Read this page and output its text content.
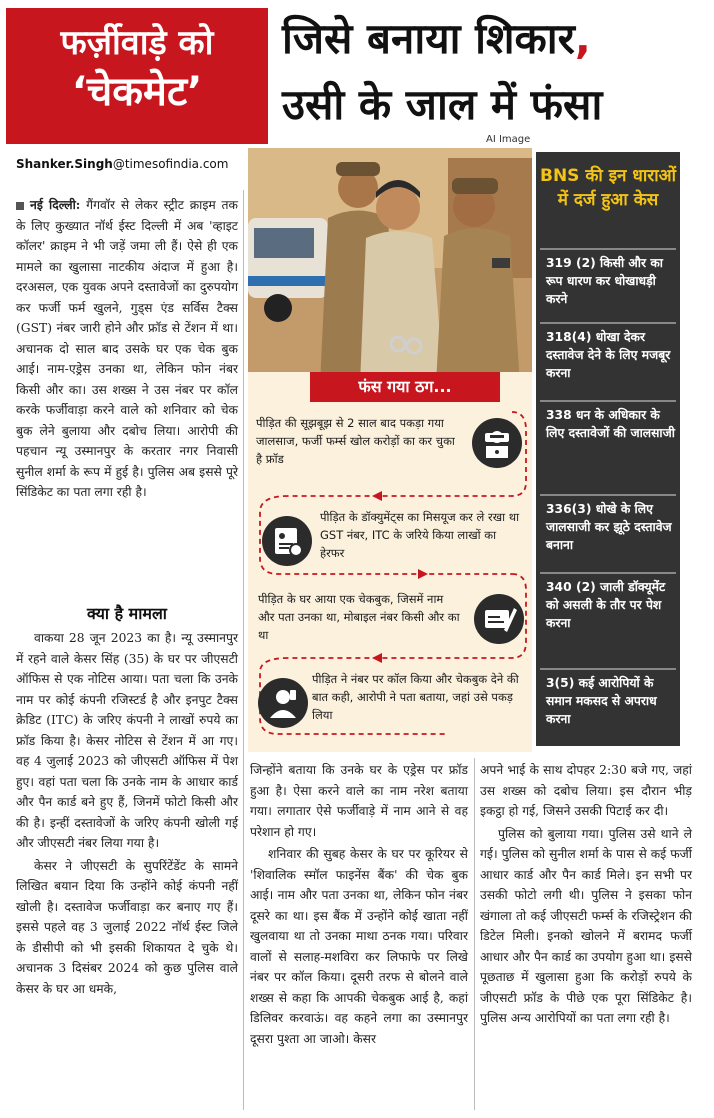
फर्ज़ीवाड़े को
‘चेकमेट’
जिसे बनाया शिकार,
उसी के जाल में फंसा
AI Image
Shanker.Singh@timesofindia.com

नई दिल्ली: गैंगवॉर से लेकर स्ट्रीट क्राइम तक के लिए कुख्यात नॉर्थ ईस्ट दिल्ली में अब 'व्हाइट कॉलर' क्राइम ने भी जड़ें जमा ली हैं। ऐसे ही एक मामले का खुलासा नाटकीय अंदाज में हुआ है। दरअसल, एक युवक अपने दस्तावेजों का दुरुपयोग कर फर्जी फर्म खुलने, गुड्स एंड सर्विस टैक्स (GST) नंबर जारी होने और फ्रॉड से टेंशन में था। अचानक दो साल बाद उसके घर एक चेक बुक आई। नाम-एड्रेस उनका था, लेकिन फोन नंबर किसी और का। उस शख्स ने उस नंबर पर कॉल करके फर्जीवाड़ा करने वाले को शनिवार को चेक बुक लेने बुलाया और दबोच लिया। आरोपी की पहचान न्यू उस्मानपुर के करतार नगर निवासी सुनील शर्मा के रूप में हुई है। पुलिस अब इससे पूरे सिंडिकेट का पता लगा रही है।

क्या है मामला

वाकया 28 जून 2023 का है। न्यू उस्मानपुर में रहने वाले केसर सिंह (35) के घर पर जीएसटी ऑफिस से एक नोटिस आया। पता चला कि उनके नाम पर कोई कंपनी रजिस्टर्ड है और इनपुट टैक्स क्रेडिट (ITC) के जरिए कंपनी ने लाखों रुपये का फ्रॉड किया है। केसर नोटिस से टेंशन में आ गए। वह 4 जुलाई 2023 को जीएसटी ऑफिस में पेश हुए। वहां पता चला कि उनके नाम के आधार कार्ड और पैन कार्ड बने हुए हैं, जिनमें फोटो किसी और की है। इन्हीं दस्तावेजों के जरिए कंपनी खोली गई और जीएसटी नंबर लिया गया है।

केसर ने जीएसटी के सुपरिंटेंडेंट के सामने लिखित बयान दिया कि उन्होंने कोई कंपनी नहीं खोली है। दस्तावेज फर्जीवाड़ा कर बनाए गए हैं। इससे पहले वह 3 जुलाई 2022 नॉर्थ ईस्ट जिले के डीसीपी को भी इसकी शिकायत दे चुके थे। अचानक 3 दिसंबर 2024 को कुछ पुलिस वाले केसर के घर आ धमके,

फंस गया ठग...
पीड़ित की सूझबूझ से 2 साल बाद पकड़ा गया जालसाज, फर्जी फर्म्स खोल करोड़ों का कर चुका है फ्रॉड
पीड़ित के डॉक्युमेंट्स का मिसयूज कर ले रखा था GST नंबर, ITC के जरिये किया लाखों का हेरफर
पीड़ित के घर आया एक चेकबुक, जिसमें नाम और पता उनका था, मोबाइल नंबर किसी और का था
पीड़ित ने नंबर पर कॉल किया और चेकबुक देने की बात कही, आरोपी ने पता बताया, जहां उसे पकड़ लिया
BNS की इन धाराओं में दर्ज हुआ केस
319 (2) किसी और का रूप धारण कर धोखाधड़ी करने
318(4) धोखा देकर दस्तावेज देने के लिए मजबूर करना
338 धन के अधिकार के लिए दस्तावेजों की जालसाजी
336(3) धोखे के लिए जालसाजी कर झूठे दस्तावेज बनाना
340 (2) जाली डॉक्यूमेंट को असली के तौर पर पेश करना
3(5) कई आरोपियों के समान मकसद से अपराध करना

जिन्होंने बताया कि उनके घर के एड्रेस पर फ्रॉड हुआ है। ऐसा करने वाले का नाम नरेश बताया गया। लगातार ऐसे फर्जीवाड़े में नाम आने से वह परेशान हो गए।

शनिवार की सुबह केसर के घर पर कूरियर से 'शिवालिक स्मॉल फाइनेंस बैंक' की चेक बुक आई। नाम और पता उनका था, लेकिन फोन नंबर दूसरे का था। इस बैंक में उन्होंने कोई खाता नहीं खुलवाया था तो उनका माथा ठनक गया। परिवार वालों से सलाह-मशविरा कर लिफाफे पर लिखे नंबर पर कॉल किया। दूसरी तरफ से बोलने वाले शख्स से कहा कि आपकी चेकबुक आई है, कहां डिलिवर करवाऊं। वह कहने लगा का उस्मानपुर दूसरा पुश्ता आ जाओ। केसर

अपने भाई के साथ दोपहर 2:30 बजे गए, जहां उस शख्स को दबोच लिया। इस दौरान भीड़ इकट्ठा हो गई, जिसने उसकी पिटाई कर दी।

पुलिस को बुलाया गया। पुलिस उसे थाने ले गई। पुलिस को सुनील शर्मा के पास से कई फर्जी आधार कार्ड और पैन कार्ड मिले। इन सभी पर उसकी फोटो लगी थी। पुलिस ने इसका फोन खंगाला तो कई जीएसटी फर्म्स के रजिस्ट्रेशन की डिटेल मिली। इनको खोलने में बरामद फर्जी आधार और पैन कार्ड का उपयोग हुआ था। इससे पूछताछ में खुलासा हुआ कि करोड़ों रुपये के जीएसटी फ्रॉड के पीछे एक पूरा सिंडिकेट है। पुलिस अन्य आरोपियों का पता लगा रही है।
